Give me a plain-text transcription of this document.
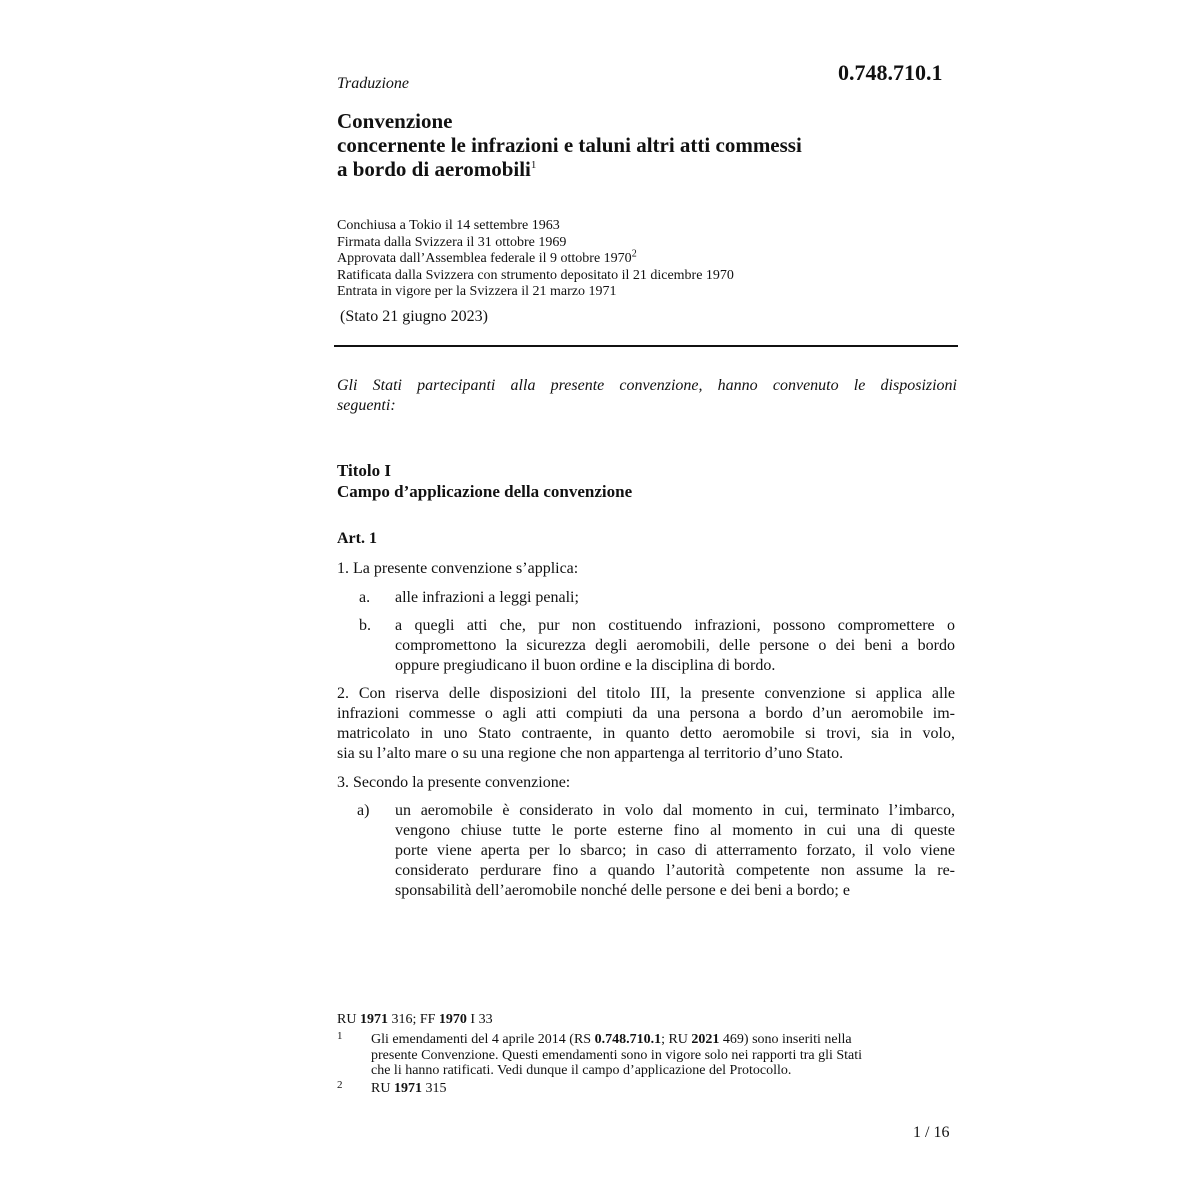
0.748.710.1
Traduzione
Convenzione
concernente le infrazioni e taluni altri atti commessi
a bordo di aeromobili$^1$
Conchiusa a Tokio il 14 settembre 1963
Firmata dalla Svizzera il 31 ottobre 1969
Approvata dall’Assemblea federale il 9 ottobre 1970$^2$
Ratificata dalla Svizzera con strumento depositato il 21 dicembre 1970
Entrata in vigore per la Svizzera il 21 marzo 1971
(Stato 21 giugno 2023)
Gli Stati partecipanti alla presente convenzione, hanno convenuto le disposizioni
seguenti:
Titolo I
Campo d’applicazione della convenzione
Art. 1
1. La presente convenzione s’applica:
a.	alle infrazioni a leggi penali;
b.	a quegli atti che, pur non costituendo infrazioni, possono compromettere o
compromettono la sicurezza degli aeromobili, delle persone o dei beni a bordo
oppure pregiudicano il buon ordine e la disciplina di bordo.
2. Con riserva delle disposizioni del titolo III, la presente convenzione si applica alle
infrazioni commesse o agli atti compiuti da una persona a bordo d’un aeromobile im-
matricolato in uno Stato contraente, in quanto detto aeromobile si trovi, sia in volo,
sia su l’alto mare o su una regione che non appartenga al territorio d’uno Stato.
3. Secondo la presente convenzione:
a)	un aeromobile è considerato in volo dal momento in cui, terminato l’imbarco,
vengono chiuse tutte le porte esterne fino al momento in cui una di queste
porte viene aperta per lo sbarco; in caso di atterramento forzato, il volo viene
considerato perdurare fino a quando l’autorità competente non assume la re-
sponsabilità dell’aeromobile nonché delle persone e dei beni a bordo; e
RU 1971 316; FF 1970 I 33
1 Gli emendamenti del 4 aprile 2014 (RS 0.748.710.1; RU 2021 469) sono inseriti nella
presente Convenzione. Questi emendamenti sono in vigore solo nei rapporti tra gli Stati
che li hanno ratificati. Vedi dunque il campo d’applicazione del Protocollo.
2 RU 1971 315
1 / 16
